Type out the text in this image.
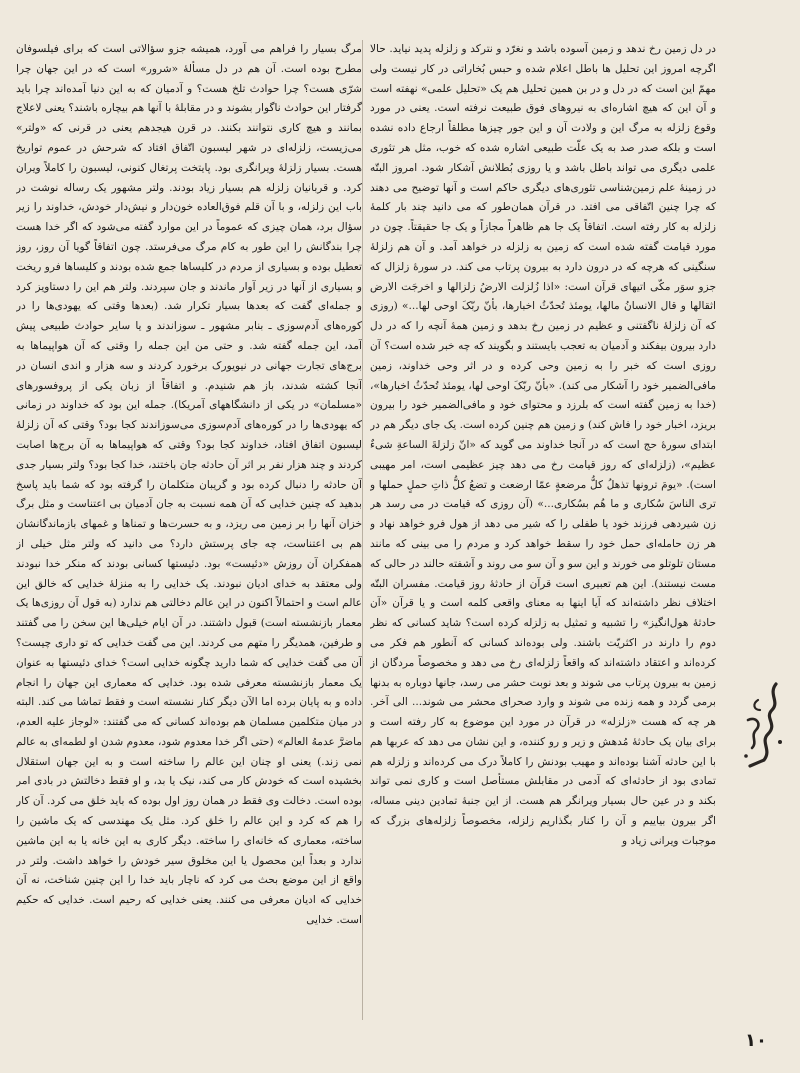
در دل زمین رخ ندهد و زمین آسوده باشد و نغرّد و نترکد و زلزله پدید نیاید. حالا اگرچه امروز این تحلیل ها باطل اعلام شده و حبس بُخاراتی در کار نیست ولی مهمّ این است که در دل و در بن همین تحلیل هم یک «تحلیل علمی» نهفته است و آن این که هیچ اشاره‌ای به نیروهای فوق طبیعت نرفته است. یعنی در مورد وقوع زلزله به مرگ این و ولادت آن و این جور چیزها مطلقاً ارجاع داده نشده است و بلکه صدر صد به یک علّت طبیعی اشاره شده که خوب، مثل هر تئوری علمی دیگری می تواند باطل باشد و یا روزی بُطلانش آشکار شود. امروز البتّه در زمینهٔ علم زمین‌شناسی تئوری‌های دیگری حاکم است و آنها توضیح می دهند که چرا چنین اتّفاقی می افتد. در قرآن همان‌طور که می دانید چند بار کلمهٔ زلزله به کار رفته است. اتفاقاً یک جا هم ظاهراً مجازاً و یک جا حقیقتاً. چون در مورد قیامت گفته شده است که زمین به زلزله در خواهد آمد. و آن هم زلزلهٔ سنگینی که هرچه که در درون دارد به بیرون پرتاب می کند. در سورهٔ زلزال که جزو سوَر مکّی اتیهای قرآن است: «اذا زُلزلت الارضُ زلزالها و اخرجَت الارض اثقالها و قال الانسانُ مالها، یومئذ تُحدّثُ اخبارها، بأنّ ربّکَ اوحی لها...» (روزی که آن زلزلهٔ ناگفتنی و عظیم در زمین رخ بدهد و زمین همهٔ آنچه را که در دل دارد بیرون بیفکند و آدمیان به تعجب بایستند و بگویند که چه خبر شده است؟ آن روزی است که خبر را به زمین وحی کرده و در اثر وحی خداوند، زمین مافی‌الضمیر خود را آشکار می کند). «بأنّ ربّکَ اوحی لها، یومئذ تُحدّثُ اخبارها»، (خدا به زمین گفته است که بلرزد و محتوای خود و مافی‌الضمیر خود را بیرون بریزد، اخبار خود را فاش کند) و زمین هم چنین کرده است. یک جای دیگر هم در ابتدای سورهٔ حج است که در آنجا خداوند می گوید که «انّ زلزلةَ الساعةِ شیءٌ عظیم»، (زلزله‌ای که روز قیامت رخ می دهد چیز عظیمی است، امر مهیبی است). «یومَ ترونها تذهلُ کلُّ مرضعةٍ عمّا ارضعت و تضعُ کلُّ ذاتِ حملٍ حملها و تری الناسَ سُکاری و ما هُم بسُکاری...» (آن روزی که قیامت در می رسد هر زن شیردهی فرزند خود یا طفلی را که شیر می دهد از هول فرو خواهد نهاد و هر زن حامله‌ای حمل خود را سقط خواهد کرد و مردم را می بینی که مانند مستان تلوتلو می خورند و این سو و آن سو می روند و آشفته حالند در حالی که مست نیستند). این هم تعبیری است قرآن از حادثهٔ روز قیامت. مفسران البتّه اختلاف نظر داشته‌اند که آیا اینها به معنای واقعی کلمه است و یا قرآن «آن حادثهٔ هول‌انگیز» را تشبیه و تمثیل به زلزله کرده است؟ شاید کسانی که نظر دوم را دارند در اکثریّت باشند. ولی بوده‌اند کسانی که آنطور هم فکر می کرده‌اند و اعتقاد داشته‌اند که واقعاً زلزله‌ای رخ می دهد و مخصوصاً مردگان از زمین به بیرون پرتاب می شوند و بعد نوبت حشر می رسد، جانها دوباره به بدنها برمی گردد و همه زنده می شوند و وارد صحرای محشر می شوند... الی آخر. هر چه که هست «زلزله» در قرآن در مورد این موضوع به کار رفته است و برای بیان یک حادثهٔ مُدهش و زیر و رو کننده، و این نشان می دهد که عربها هم با این حادثه آشنا بوده‌اند و مهیب بودنش را کاملاً درک می کرده‌اند و زلزله هم تمادی بود از حادثه‌ای که آدمی در مقابلش مستأصل است و کاری نمی تواند بکند و در عین حال بسیار ویرانگر هم هست. از این جنبهٔ تمادین دینی مساله، اگر بیرون بیاییم و آن را کنار بگذاریم زلزله، مخصوصاً زلزله‌های بزرگ که موجبات ویرانی زیاد و

مرگ بسیار را فراهم می آورد، همیشه جزو سؤالاتی است که برای فیلسوفان مطرح بوده است. آن هم در دل مسألهٔ «شرور» است که در این جهان چرا شرّی هست؟ چرا حوادث تلخ هست؟ و آدمیان که به این دنیا آمده‌اند چرا باید گرفتار این حوادث ناگوار بشوند و در مقابلهٔ با آنها هم بیچاره باشند؟ یعنی لاعلاج بمانند و هیچ کاری نتوانند بکنند. در قرن هیجدهم یعنی در قرنی که «ولتر» می‌زیست، زلزله‌ای در شهر لیسبون اتّفاق افتاد که شرحش در عموم تواریخ هست. بسیار زلزلهٔ ویرانگری بود. پایتخت پرتغال کنونی، لیسبون را کاملاً ویران کرد. و قربانیان زلزله هم بسیار زیاد بودند. ولتر مشهور یک رساله نوشت در باب این زلزله، و با آن قلم فوق‌العاده خون‌دار و نیش‌دار خودش، خداوند را زیر سؤال برد، همان چیزی که عموماً در این موارد گفته می‌شود که اگر خدا هست چرا بندگانش را این طور به کام مرگ می‌فرستد. چون اتفاقاً گویا آن روز، روز تعطیل بوده و بسیاری از مردم در کلیساها جمع شده بودند و کلیساها فرو ریخت و بسیاری از آنها در زیر آوار ماندند و جان سپردند. ولتر هم این را دستاویز کرد و جمله‌ای گفت که بعدها بسیار تکرار شد. (بعدها وقتی که یهودی‌ها را در کوره‌های آدم‌سوزی ـ بنابر مشهور ـ سوزاندند و یا سایر حوادث طبیعی پیش آمد، این جمله گفته شد. و حتی من این جمله را وقتی که آن هواپیماها به برج‌های تجارت جهانی در نیویورک برخورد کردند و سه هزار و اندی انسان در آنجا کشته شدند، باز هم شنیدم. و اتفاقاً از زبان یکی از پروفسورهای «مسلمان» در یکی از دانشگاههای آمریکا). جمله این بود که خداوند در زمانی که یهودی‌ها را در کوره‌های آدم‌سوزی می‌سوزاندند کجا بود؟ وقتی که آن زلزلهٔ لیسبون اتفاق افتاد، خداوند کجا بود؟ وقتی که هواپیماها به آن برج‌ها اصابت کردند و چند هزار نفر بر اثر آن حادثه جان باختند، خدا کجا بود؟ ولتر بسیار جدی آن حادثه را دنبال کرده بود و گریبان متکلمان را گرفته بود که شما باید پاسخ بدهید که چنین خدایی که آن همه نسبت به جان آدمیان بی اعتناست و مثل برگ خزان آنها را بر زمین می ریزد، و به حسرت‌ها و تمناها و غمهای بازماندگانشان هم بی اعتناست، چه جای پرستش دارد؟ می دانید که ولتر مثل خیلی از همفکران آن روزش «دئیست» بود. دئیستها کسانی بودند که منکر خدا نبودند ولی معتقد به خدای ادیان نبودند. یک خدایی را به منزلهٔ خدایی که خالق این عالم است و احتمالاً اکنون در این عالم دخالتی هم ندارد (به قول آن روزی‌ها یک معمار بازنشسته است) قبول داشتند. در آن ایام خیلی‌ها این سخن را می گفتند و طرفین، همدیگر را متهم می کردند. این می گفت خدایی که تو داری چیست؟ آن می گفت خدایی که شما دارید چگونه خدایی است؟ خدای دئیستها به عنوان یک معمار بازنشسته معرفی شده بود. خدایی که معماری این جهان را انجام داده و به پایان برده اما الآن دیگر کنار نشسته است و فقط تماشا می کند. البته در میان متکلمین مسلمان هم بوده‌اند کسانی که می گفتند: «لوجاز علیه العدم، ماضرَّ عدمهُ العالم» (حتی اگر خدا معدوم شود، معدوم شدن او لطمه‌ای به عالم نمی زند.) یعنی او چنان این عالم را ساخته است و به این جهان استقلال بخشیده است که خودش کار می کند، نیک یا بد، و او فقط دخالتش در بادی امر بوده است. دخالت وی فقط در همان روز اول بوده که باید خلق می کرد. آن کار را هم که کرد و این عالم را خلق کرد. مثل یک مهندسی که یک ماشین را ساخته، معماری که خانه‌ای را ساخته. دیگر کاری به این خانه یا به این ماشین ندارد و بعداً این محصول یا این مخلوق سیر خودش را خواهد داشت. ولتر در واقع از این موضع بحث می کرد که ناچار باید خدا را این چنین شناخت، نه آن خدایی که ادیان معرفی می کنند. یعنی خدایی که رحیم است. خدایی که حکیم است. خدایی

۱۰
